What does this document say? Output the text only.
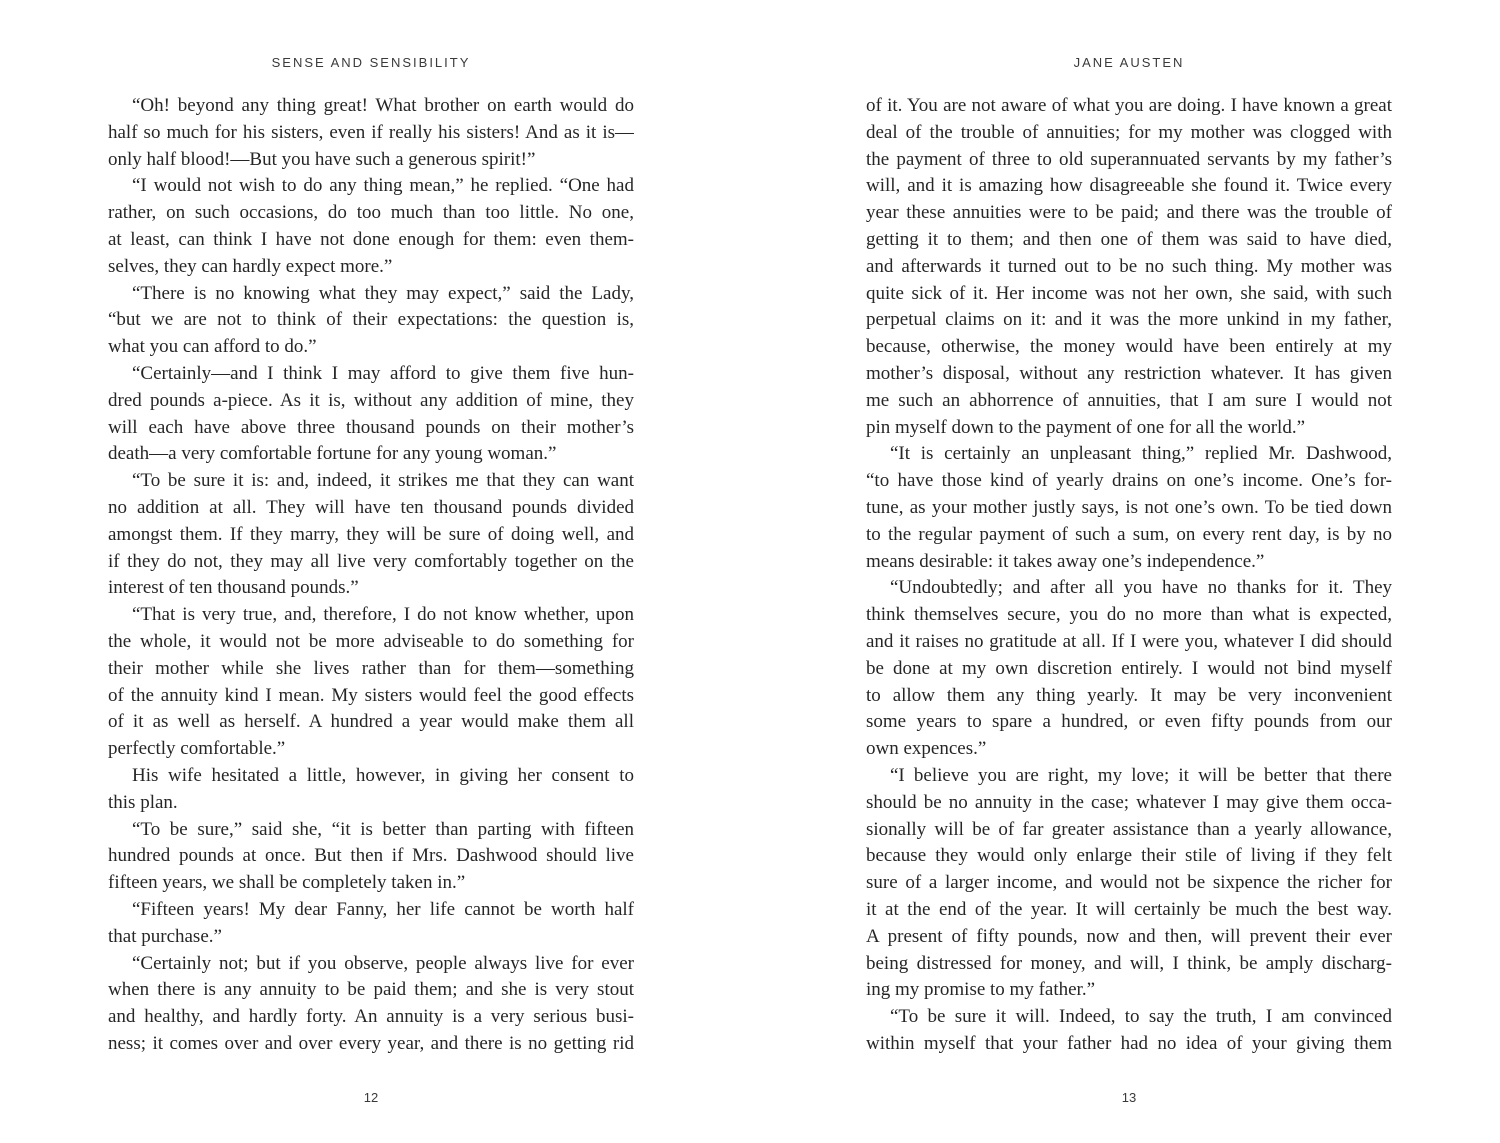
SENSE AND SENSIBILITY
“Oh! beyond any thing great! What brother on earth would do
half so much for his sisters, even if really his sisters! And as it is—
only half blood!—But you have such a generous spirit!”
“I would not wish to do any thing mean,” he replied. “One had
rather, on such occasions, do too much than too little. No one,
at least, can think I have not done enough for them: even them-
selves, they can hardly expect more.”
“There is no knowing what they may expect,” said the Lady,
“but we are not to think of their expectations: the question is,
what you can afford to do.”
“Certainly—and I think I may afford to give them five hun-
dred pounds a-piece. As it is, without any addition of mine, they
will each have above three thousand pounds on their mother’s
death—a very comfortable fortune for any young woman.”
“To be sure it is: and, indeed, it strikes me that they can want
no addition at all. They will have ten thousand pounds divided
amongst them. If they marry, they will be sure of doing well, and
if they do not, they may all live very comfortably together on the
interest of ten thousand pounds.”
“That is very true, and, therefore, I do not know whether, upon
the whole, it would not be more adviseable to do something for
their mother while she lives rather than for them—something
of the annuity kind I mean. My sisters would feel the good effects
of it as well as herself. A hundred a year would make them all
perfectly comfortable.”
His wife hesitated a little, however, in giving her consent to
this plan.
“To be sure,” said she, “it is better than parting with fifteen
hundred pounds at once. But then if Mrs. Dashwood should live
fifteen years, we shall be completely taken in.”
“Fifteen years! My dear Fanny, her life cannot be worth half
that purchase.”
“Certainly not; but if you observe, people always live for ever
when there is any annuity to be paid them; and she is very stout
and healthy, and hardly forty. An annuity is a very serious busi-
ness; it comes over and over every year, and there is no getting rid
12
JANE AUSTEN
of it. You are not aware of what you are doing. I have known a great
deal of the trouble of annuities; for my mother was clogged with
the payment of three to old superannuated servants by my father’s
will, and it is amazing how disagreeable she found it. Twice every
year these annuities were to be paid; and there was the trouble of
getting it to them; and then one of them was said to have died,
and afterwards it turned out to be no such thing. My mother was
quite sick of it. Her income was not her own, she said, with such
perpetual claims on it: and it was the more unkind in my father,
because, otherwise, the money would have been entirely at my
mother’s disposal, without any restriction whatever. It has given
me such an abhorrence of annuities, that I am sure I would not
pin myself down to the payment of one for all the world.”
“It is certainly an unpleasant thing,” replied Mr. Dashwood,
“to have those kind of yearly drains on one’s income. One’s for-
tune, as your mother justly says, is not one’s own. To be tied down
to the regular payment of such a sum, on every rent day, is by no
means desirable: it takes away one’s independence.”
“Undoubtedly; and after all you have no thanks for it. They
think themselves secure, you do no more than what is expected,
and it raises no gratitude at all. If I were you, whatever I did should
be done at my own discretion entirely. I would not bind myself
to allow them any thing yearly. It may be very inconvenient
some years to spare a hundred, or even fifty pounds from our
own expences.”
“I believe you are right, my love; it will be better that there
should be no annuity in the case; whatever I may give them occa-
sionally will be of far greater assistance than a yearly allowance,
because they would only enlarge their stile of living if they felt
sure of a larger income, and would not be sixpence the richer for
it at the end of the year. It will certainly be much the best way.
A present of fifty pounds, now and then, will prevent their ever
being distressed for money, and will, I think, be amply discharg-
ing my promise to my father.”
“To be sure it will. Indeed, to say the truth, I am convinced
within myself that your father had no idea of your giving them
13
